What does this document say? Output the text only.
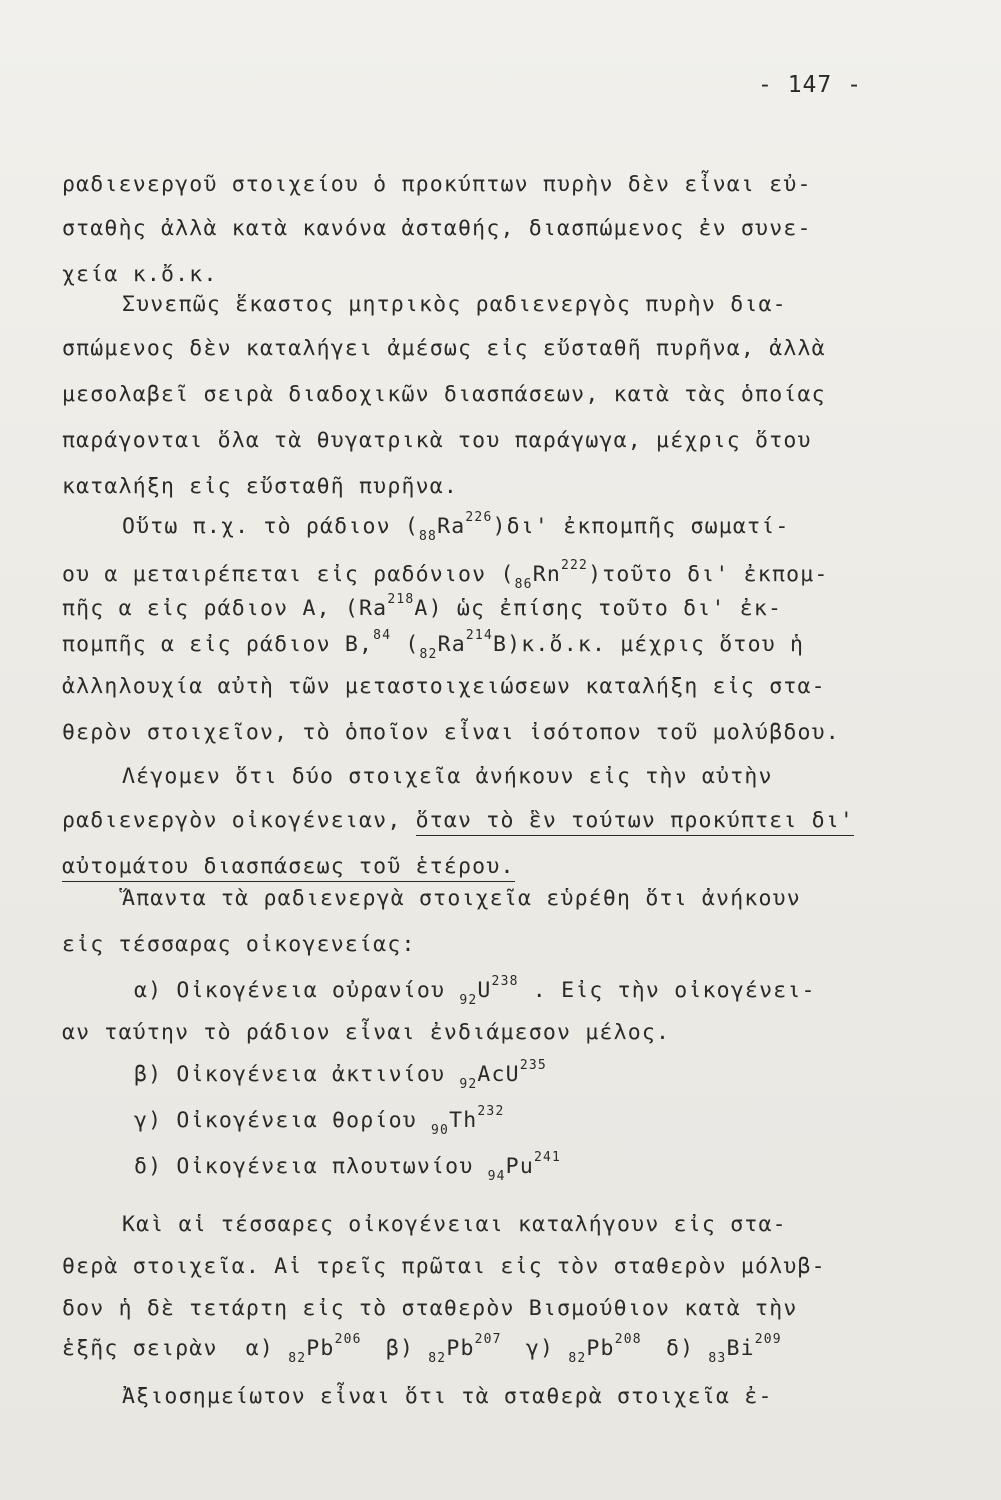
- 147 -
ραδιενεργοῦ στοιχείου ὁ προκύπτων πυρὴν δὲν εἶναι εὐ-
σταθὴς ἀλλὰ κατὰ κανόνα ἀσταθής, διασπώμενος ἐν συνε-
χεία κ.ὄ.κ.
Συνεπῶς ἕκαστος μητρικὸς ραδιενεργὸς πυρὴν δια-
σπώμενος δὲν καταλήγει ἀμέσως εἰς εὔσταθῆ πυρῆνα, ἀλλὰ
μεσολαβεῖ σειρὰ διαδοχικῶν διασπάσεων, κατὰ τὰς ὁποίας
παράγονται ὅλα τὰ θυγατρικὰ του παράγωγα, μέχρις ὅτου
καταλήξη εἰς εὔσταθῆ πυρῆνα.
Οὕτω π.χ. τὸ ράδιον $(_{88}Ra^{226})\delta\iota'$ ἐκπομπῆς σωματί-
ου α μεταιρέπεται εἰς ραδόνιον $(_{86}Rn^{222})\tau oῦ\tau o$ δι' ἐκπομ-
πῆς α εἰς ράδιον Α, (Ra$^{218}$Α) ὡς ἐπίσης τοῦτο δι' ἐκ-
πομπῆς α εἰς ράδιον Β,$^{84}$ $(_{82}Ra^{214}B)\kappa.ὄ.\kappa$. μέχρις ὅτου ἡ
ἀλληλουχία αὐτὴ τῶν μεταστοιχειώσεων καταλήξη εἰς στα-
θερὸν στοιχεῖον, τὸ ὁποῖον εἶναι ἰσότοπον τοῦ μολύβδου.
Λέγομεν ὅτι δύο στοιχεῖα ἀνήκουν εἰς τὴν αὐτὴν
ραδιενεργὸν οἰκογένειαν, ὅταν τὸ ἓν τούτων προκύπτει δι'
αὐτομάτου διασπάσεως τοῦ ἑτέρου.
Ἅπαντα τὰ ραδιενεργὰ στοιχεῖα εὑρέθη ὅτι ἀνήκουν
εἰς τέσσαρας οἰκογενείας:
α) Οἰκογένεια οὐρανίου $_{92}U^{238}$ . Εἰς τὴν οἰκογένει-
αν ταύτην τὸ ράδιον εἶναι ἐνδιάμεσον μέλος.
β) Οἰκογένεια ἀκτινίου $_{92}$AcU$^{235}$
γ) Οἰκογένεια θορίου $_{90}Th^{232}$
δ) Οἰκογένεια πλουτωνίου $_{94}Pu^{241}$
Καὶ αἱ τέσσαρες οἰκογένειαι καταλήγουν εἰς στα-
θερὰ στοιχεῖα. Αἱ τρεῖς πρῶται εἰς τὸν σταθερὸν μόλυβ-
δον ἡ δὲ τετάρτη εἰς τὸ σταθερὸν Βισμούθιον κατὰ τὴν
ἑξῆς σειρὰν α) $_{82}Pb^{206}$ β) $_{82}Pb^{207}$ γ) $_{82}Pb^{208}$ δ) $_{83}Bi^{209}$
Ἀξιοσημείωτον εἶναι ὅτι τὰ σταθερὰ στοιχεῖα ἐ-
